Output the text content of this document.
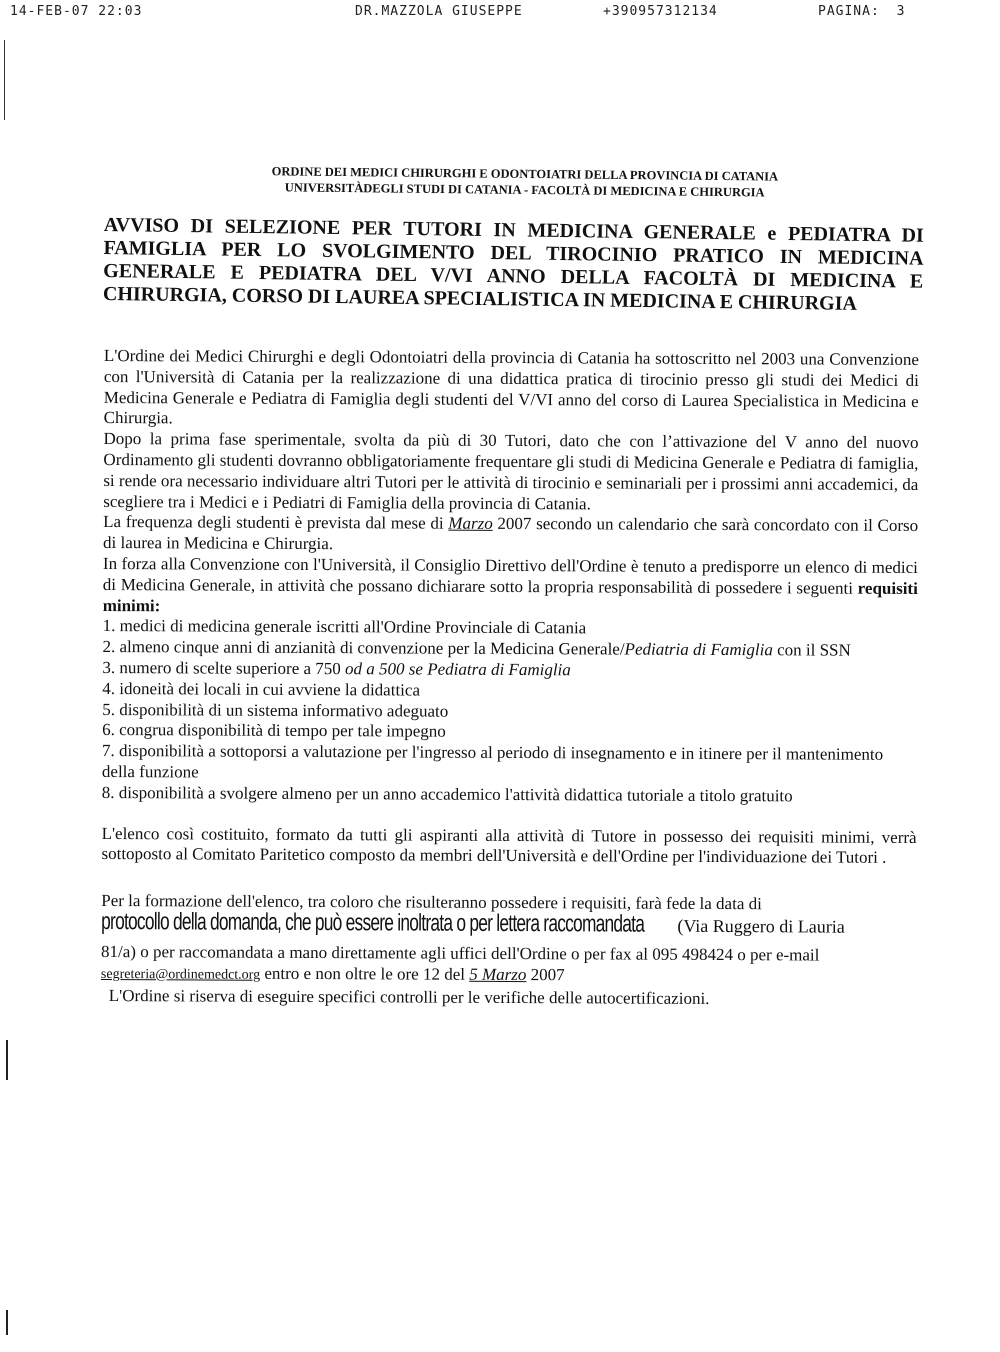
14-FEB-07 22:03	DR.MAZZOLA GIUSEPPE	+390957312134	PAGINA: 3
ORDINE DEI MEDICI CHIRURGHI E ODONTOIATRI DELLA PROVINCIA DI CATANIA
UNIVERSITÀDEGLI STUDI DI CATANIA - FACOLTÀ DI MEDICINA E CHIRURGIA
AVVISO DI SELEZIONE PER TUTORI IN MEDICINA GENERALE e PEDIATRA DI FAMIGLIA PER LO SVOLGIMENTO DEL TIROCINIO PRATICO IN MEDICINA GENERALE E PEDIATRA DEL V/VI ANNO DELLA FACOLTÀ DI MEDICINA E CHIRURGIA, CORSO DI LAUREA SPECIALISTICA IN MEDICINA E CHIRURGIA

L'Ordine dei Medici Chirurghi e degli Odontoiatri della provincia di Catania ha sottoscritto nel 2003 una Convenzione con l'Università di Catania per la realizzazione di una didattica pratica di tirocinio presso gli studi dei Medici di Medicina Generale e Pediatra di Famiglia degli studenti del V/VI anno del corso di Laurea Specialistica in Medicina e Chirurgia.

Dopo la prima fase sperimentale, svolta da più di 30 Tutori, dato che con l’attivazione del V anno del nuovo Ordinamento gli studenti dovranno obbligatoriamente frequentare gli studi di Medicina Generale e Pediatra di famiglia, si rende ora necessario individuare altri Tutori per le attività di tirocinio e seminariali per i prossimi anni accademici, da scegliere tra i Medici e i Pediatri di Famiglia della provincia di Catania.

La frequenza degli studenti è prevista dal mese di Marzo 2007 secondo un calendario che sarà concordato con il Corso di laurea in Medicina e Chirurgia.

In forza alla Convenzione con l'Università, il Consiglio Direttivo dell'Ordine è tenuto a predisporre un elenco di medici di Medicina Generale, in attività che possano dichiarare sotto la propria responsabilità di possedere i seguenti requisiti minimi:

1. medici di medicina generale iscritti all'Ordine Provinciale di Catania
2. almeno cinque anni di anzianità di convenzione per la Medicina Generale/Pediatria di Famiglia con il SSN
3. numero di scelte superiore a 750 od a 500 se Pediatra di Famiglia
4. idoneità dei locali in cui avviene la didattica
5. disponibilità di un sistema informativo adeguato
6. congrua disponibilità di tempo per tale impegno
7. disponibilità a sottoporsi a valutazione per l'ingresso al periodo di insegnamento e in itinere per il mantenimento della funzione
8. disponibilità a svolgere almeno per un anno accademico l'attività didattica tutoriale a titolo gratuito

L'elenco così costituito, formato da tutti gli aspiranti alla attività di Tutore in possesso dei requisiti minimi, verrà sottoposto al Comitato Paritetico composto da membri dell'Università e dell'Ordine per l'individuazione dei Tutori .

Per la formazione dell'elenco, tra coloro che risulteranno possedere i requisiti, farà fede la data di

protocollo della domanda, che può essere inoltrata o per lettera raccomandata (Via Ruggero di Lauria

81/a) o per raccomandata a mano direttamente agli uffici dell'Ordine o per fax al 095 498424 o per e-mail segreteria@ordinemedct.org entro e non oltre le ore 12 del 5 Marzo 2007

L'Ordine si riserva di eseguire specifici controlli per le verifiche delle autocertificazioni.
